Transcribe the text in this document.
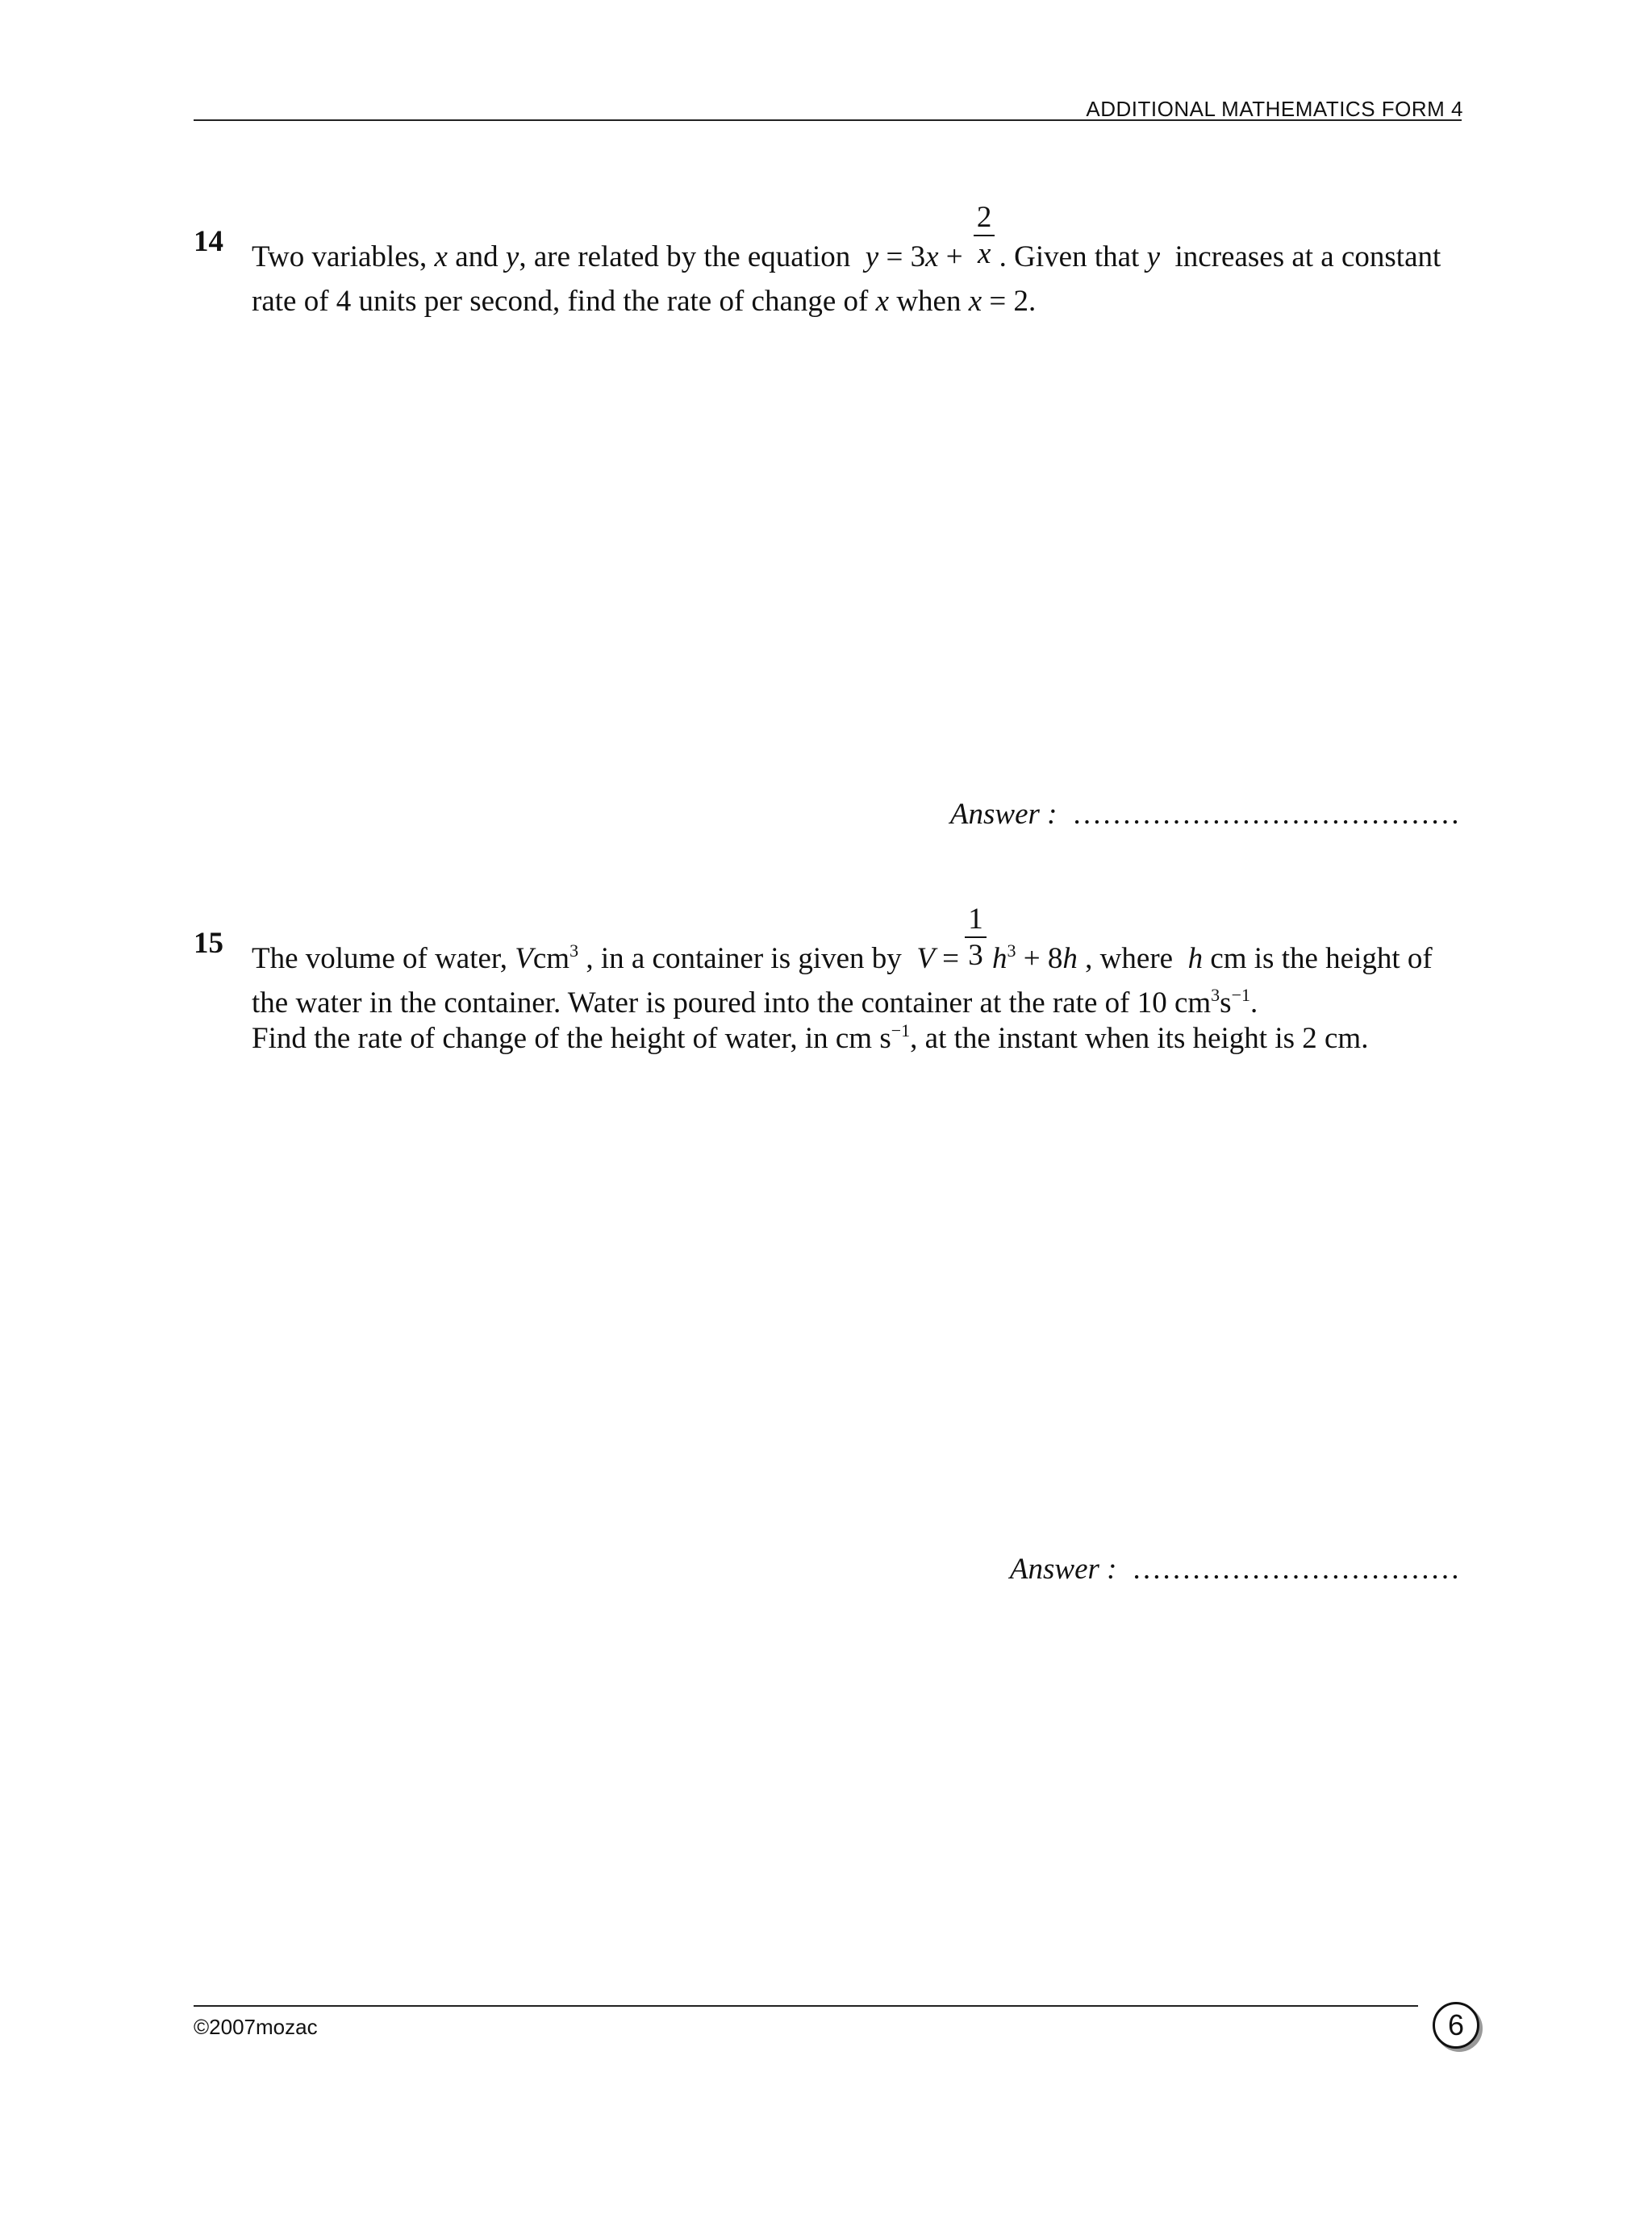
ADDITIONAL MATHEMATICS FORM 4
14 Two variables, x and y, are related by the equation $y = 3x + \frac{2}{x}$ . Given that y increases at a constant
rate of 4 units per second, find the rate of change of x when x = 2.
Answer : …………………………………
15 The volume of water, Vcm$^3$ , in a container is given by $V = \frac{1}{3} h^3 + 8h$ , where h cm is the height of
the water in the container. Water is poured into the container at the rate of 10 $cm^3s^{-1}$.
Find the rate of change of the height of water, in cm $s^{-1}$, at the instant when its height is 2 cm.
Answer : ……………………………
©2007mozac	6
